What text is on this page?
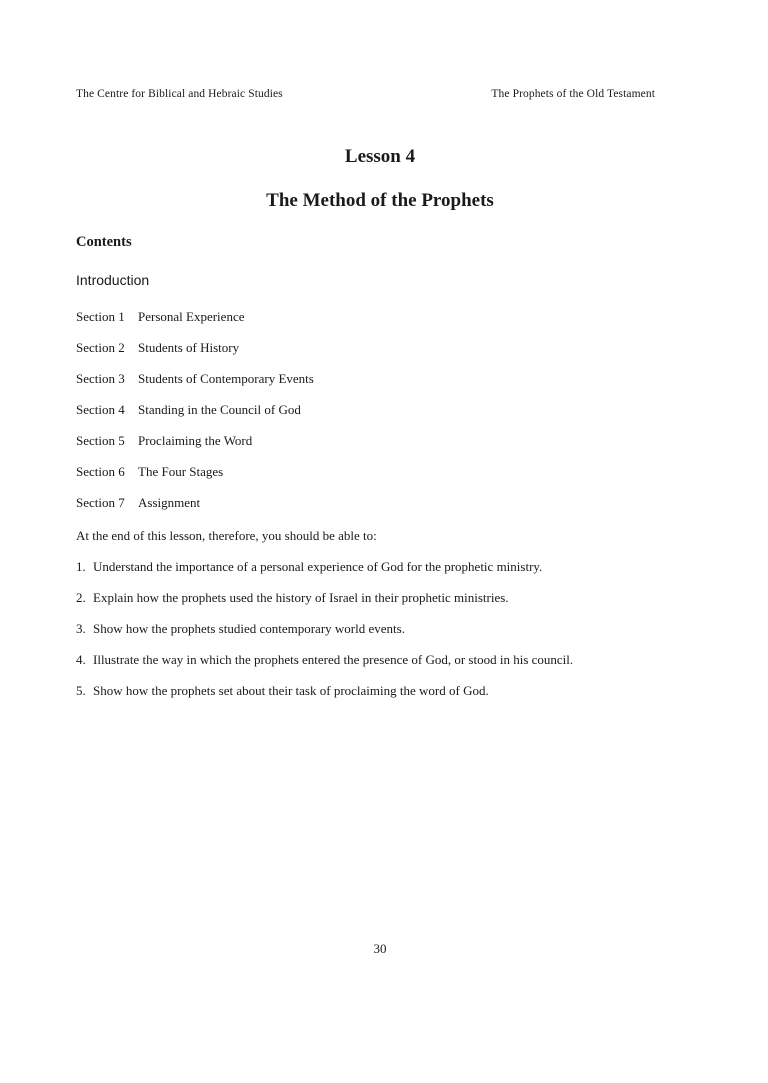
The Centre for Biblical and Hebraic Studies	The Prophets of the Old Testament
Lesson 4
The Method of the Prophets
Contents
Introduction
Section 1 Personal Experience
Section 2 Students of History
Section 3 Students of Contemporary Events
Section 4 Standing in the Council of God
Section 5 Proclaiming the Word
Section 6 The Four Stages
Section 7 Assignment
At the end of this lesson, therefore, you should be able to:
1. Understand the importance of a personal experience of God for the prophetic ministry.
2. Explain how the prophets used the history of Israel in their prophetic ministries.
3. Show how the prophets studied contemporary world events.
4. Illustrate the way in which the prophets entered the presence of God, or stood in his council.
5. Show how the prophets set about their task of proclaiming the word of God.
30
